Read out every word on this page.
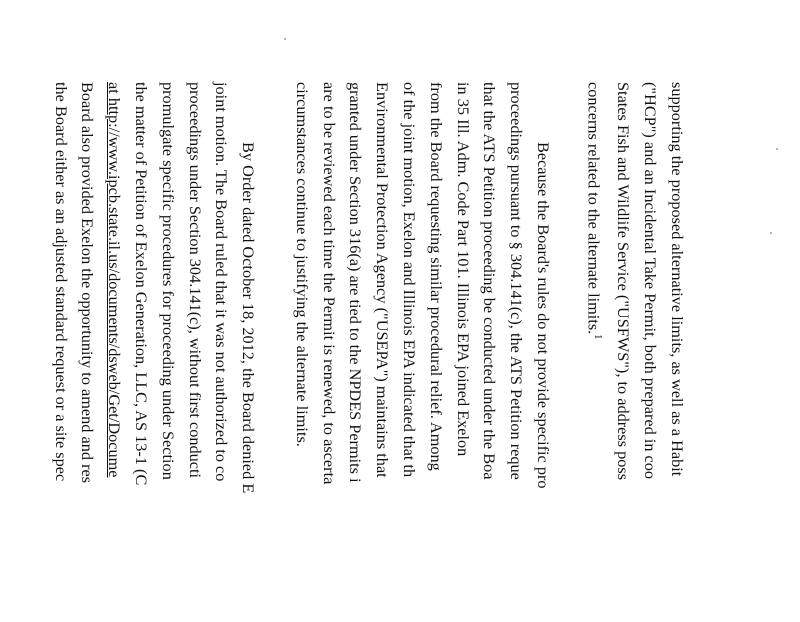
supporting the proposed alternative limits, as well as a Habit
("HCP") and an Incidental Take Permit, both prepared in coo
States Fish and Wildlife Service ("USFWS"), to address poss
concerns related to the alternate limits.$^1$
Because the Board's rules do not provide specific pro
proceedings pursuant to § 304.141(c), the ATS Petition reque
that the ATS Petition proceeding be conducted under the Boa
in 35 Ill. Adm. Code Part 101. Illinois EPA joined Exelon
from the Board requesting similar procedural relief. Among
of the joint motion, Exelon and Illinois EPA indicated that th
Environmental Protection Agency ("USEPA") maintains that
granted under Section 316(a) are tied to the NPDES Permits i
are to be reviewed each time the Permit is renewed, to ascerta
circumstances continue to justifying the alternate limits.
By Order dated October 18, 2012, the Board denied E
joint motion. The Board ruled that it was not authorized to co
proceedings under Section 304.141(c), without first conducti
promulgate specific procedures for proceeding under Section
the matter of Petition of Exelon Generation, LLC, AS 13-1 (C
at http://www.ipcb.state.il.us/documents/dsweb/Get/Docume
Board also provided Exelon the opportunity to amend and res
the Board either as an adjusted standard request or a site spec
